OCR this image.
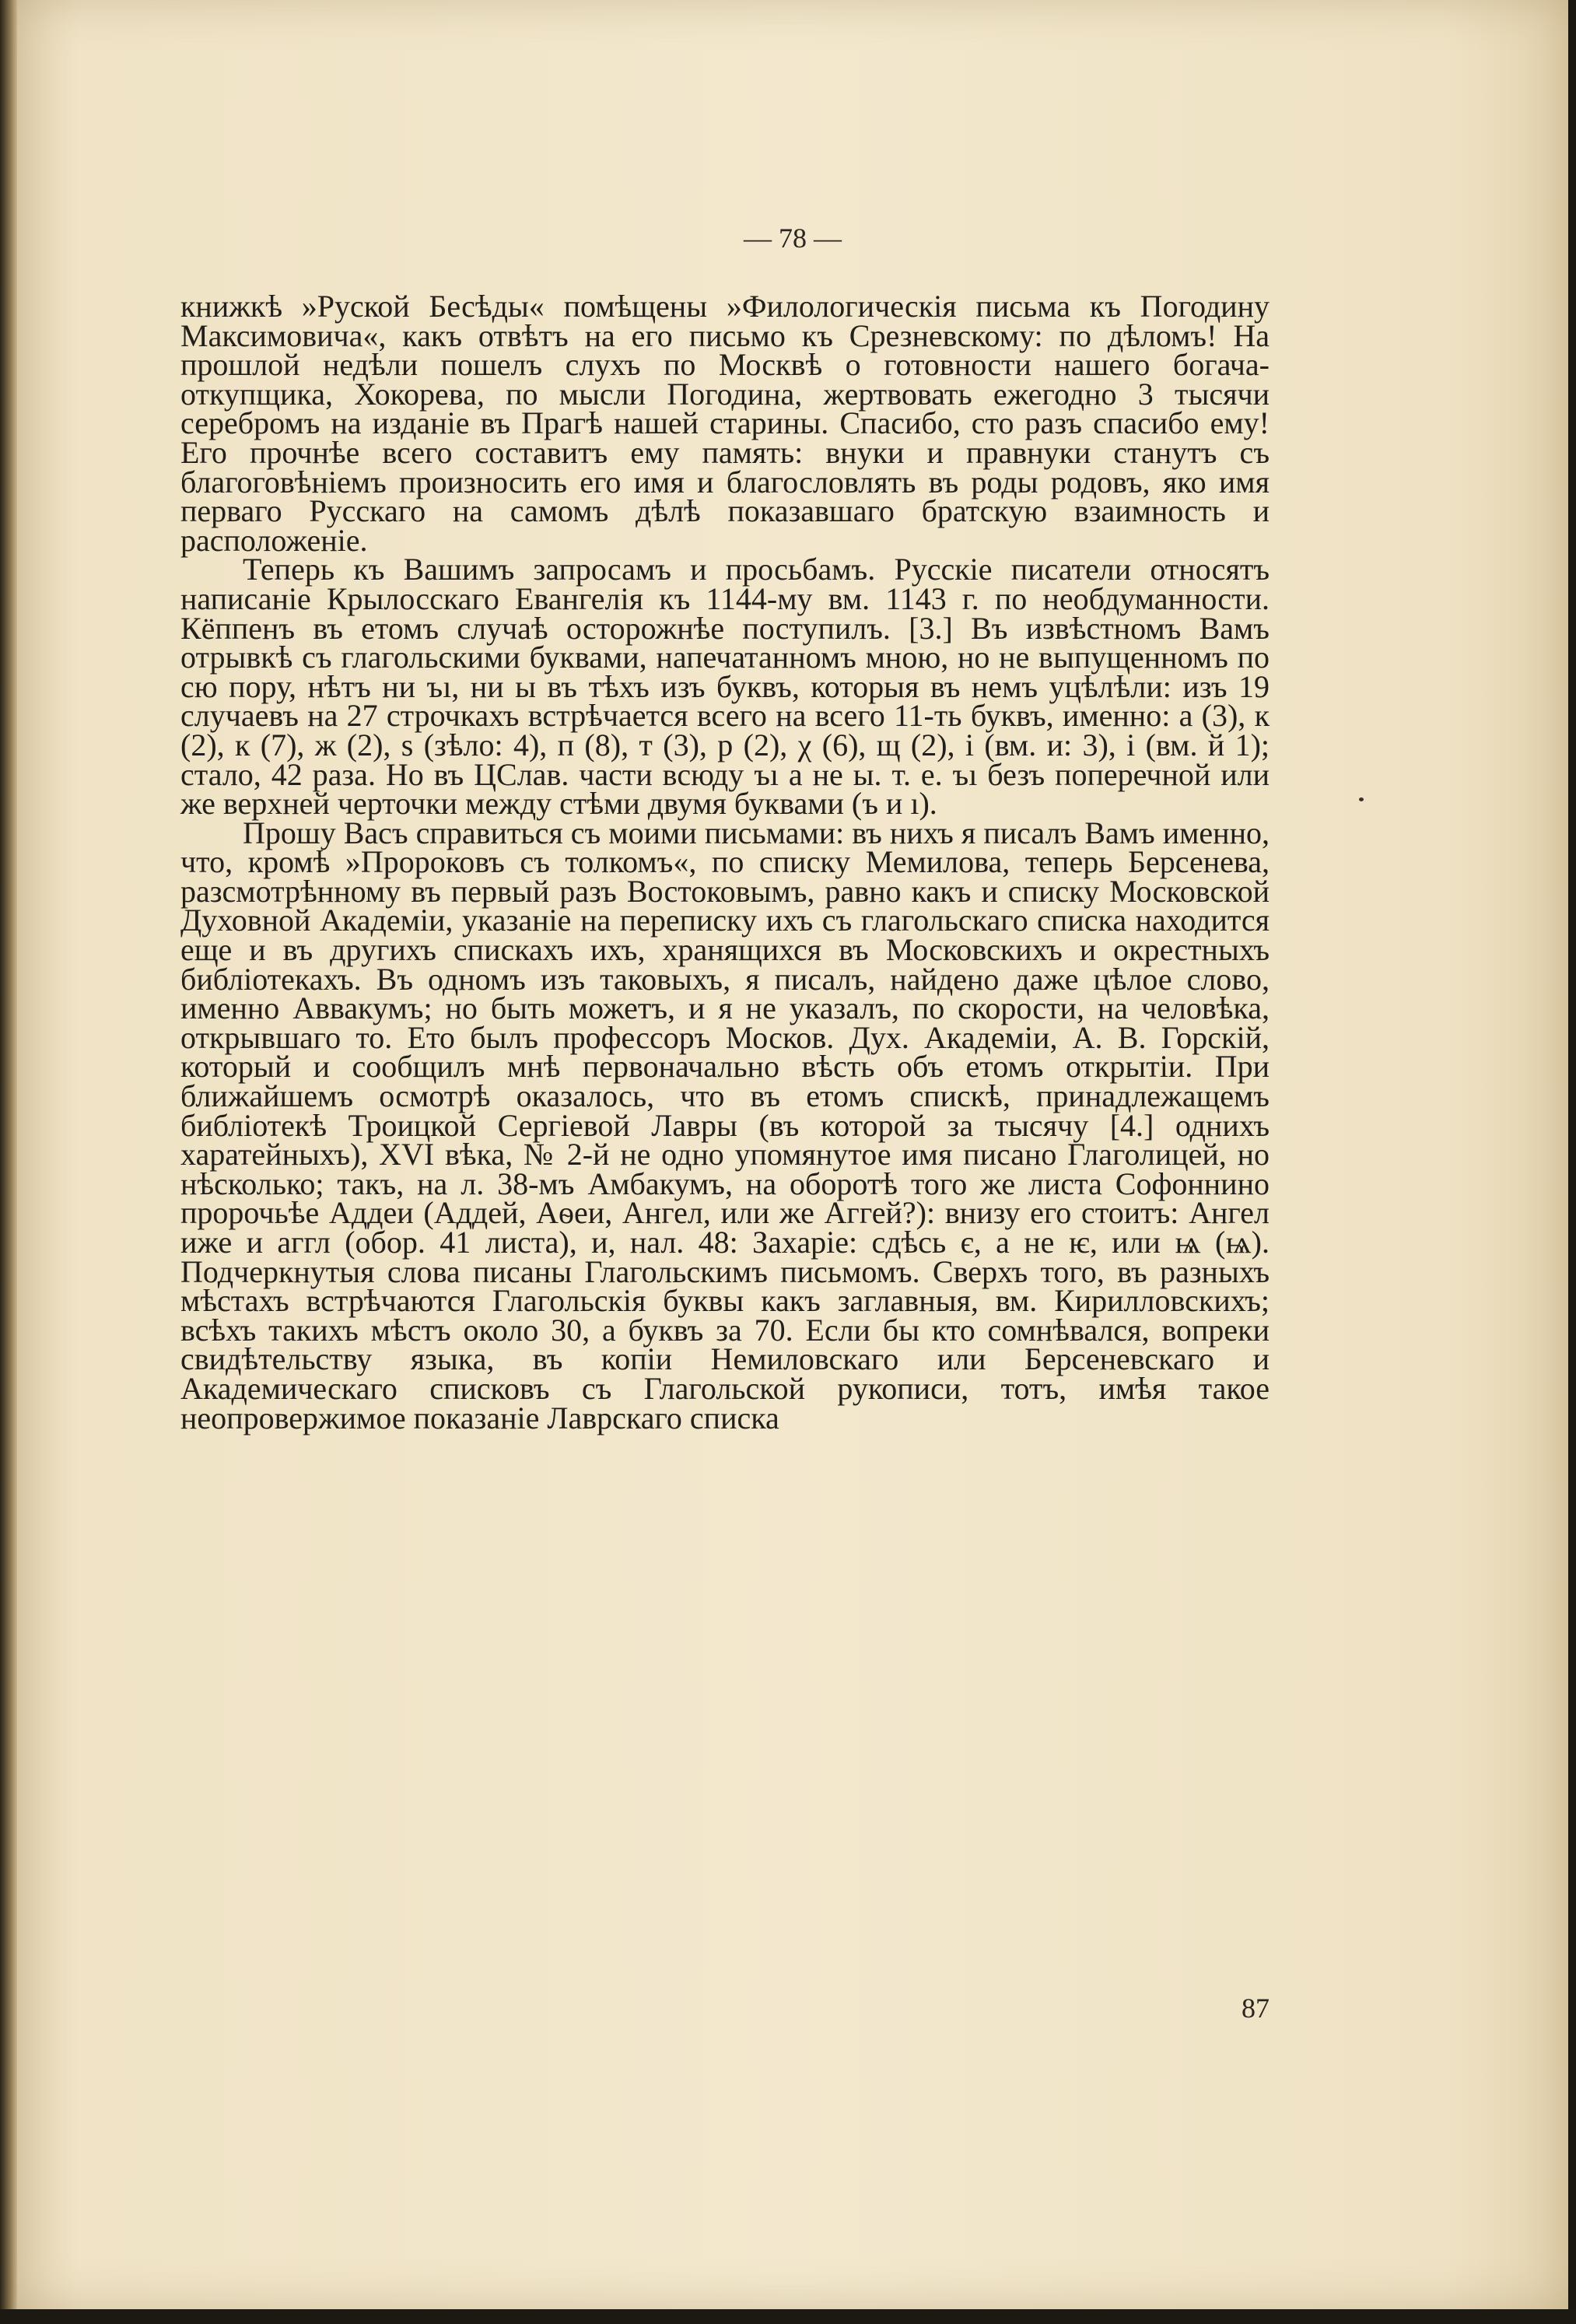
— 78 —

книжкѣ »Руской Бесѣды« помѣщены »Филологическія письма къ Погодину Максимовича«, какъ отвѣтъ на его письмо къ Срезневскому: по дѣломъ! На прошлой недѣли пошелъ слухъ по Москвѣ о готовности нашего богача-откупщика, Хокорева, по мысли Погодина, жертвовать ежегодно 3 тысячи серебромъ на изданіе въ Прагѣ нашей старины. Спасибо, сто разъ спасибо ему! Его прочнѣе всего составитъ ему память: внуки и правнуки станутъ съ благоговѣніемъ произносить его имя и благословлять въ роды родовъ, яко имя перваго Русскаго на самомъ дѣлѣ показавшаго братскую взаимность и расположеніе.

Теперь къ Вашимъ запросамъ и просьбамъ. Русскіе писатели относятъ написаніе Крылосскаго Евангелія къ 1144-му вм. 1143 г. по необдуманности. Кёппенъ въ етомъ случаѣ осторожнѣе поступилъ. [3.] Въ извѣстномъ Вамъ отрывкѣ съ глагольскими буквами, напечатанномъ мною, но не выпущенномъ по сю пору, нѣтъ ни ъı, ни ы въ тѣхъ изъ буквъ, которыя въ немъ уцѣлѣли: изъ 19 случаевъ на 27 строчкахъ встрѣчается всего на всего 11-ть буквъ, именно: а (3), к (2), к (7), ж (2), ѕ (зѣло: 4), п (8), т (3), р (2), χ (6), щ (2), і (вм. и: 3), і (вм. й 1); стало, 42 раза. Но въ ЦСлав. части всюду ъı а не ы. т. е. ъı безъ поперечной или же верхней черточки между стѣми двумя буквами (ъ и ı).

Прошу Васъ справиться съ моими письмами: въ нихъ я писалъ Вамъ именно, что, кромѣ »Пророковъ съ толкомъ«, по списку Мемилова, теперь Берсенева, разсмотрѣнному въ первый разъ Востоковымъ, равно какъ и списку Московской Духовной Академіи, указаніе на переписку ихъ съ глагольскаго списка находится еще и въ другихъ спискахъ ихъ, хранящихся въ Московскихъ и окрестныхъ библіотекахъ. Въ одномъ изъ таковыхъ, я писалъ, найдено даже цѣлое слово, именно Аввакумъ; но быть можетъ, и я не указалъ, по скорости, на человѣка, открывшаго то. Ето былъ профессоръ Москов. Дух. Академіи, А. В. Горскій, который и сообщилъ мнѣ первоначально вѣсть объ етомъ открытіи. При ближайшемъ осмотрѣ оказалось, что въ етомъ спискѣ, принадлежащемъ библіотекѣ Троицкой Сергіевой Лавры (въ которой за тысячу [4.] однихъ харатейныхъ), XVI вѣка, № 2-й не одно упомянутое имя писано Глаголицей, но нѣсколько; такъ, на л. 38-мъ Амбакумъ, на оборотѣ того же листа Софоннино пророчьѣе Аддеи (Аддей, Аѳеи, Ангел, или же Аггей?): внизу его стоитъ: Ангел иже и аггл (обор. 41 листа), и, нал. 48: Захаріе: сдѣсь є, а не ѥ, или ѩ (ѩ). Подчеркнутыя слова писаны Глагольскимъ письмомъ. Сверхъ того, въ разныхъ мѣстахъ встрѣчаются Глагольскія буквы какъ заглавныя, вм. Кирилловскихъ; всѣхъ такихъ мѣстъ около 30, а буквъ за 70. Если бы кто сомнѣвался, вопреки свидѣтельству языка, въ копіи Немиловскаго или Берсеневскаго и Академическаго списковъ съ Глагольской рукописи, тотъ, имѣя такое неопровержимое показаніе Лаврскаго списка

87
